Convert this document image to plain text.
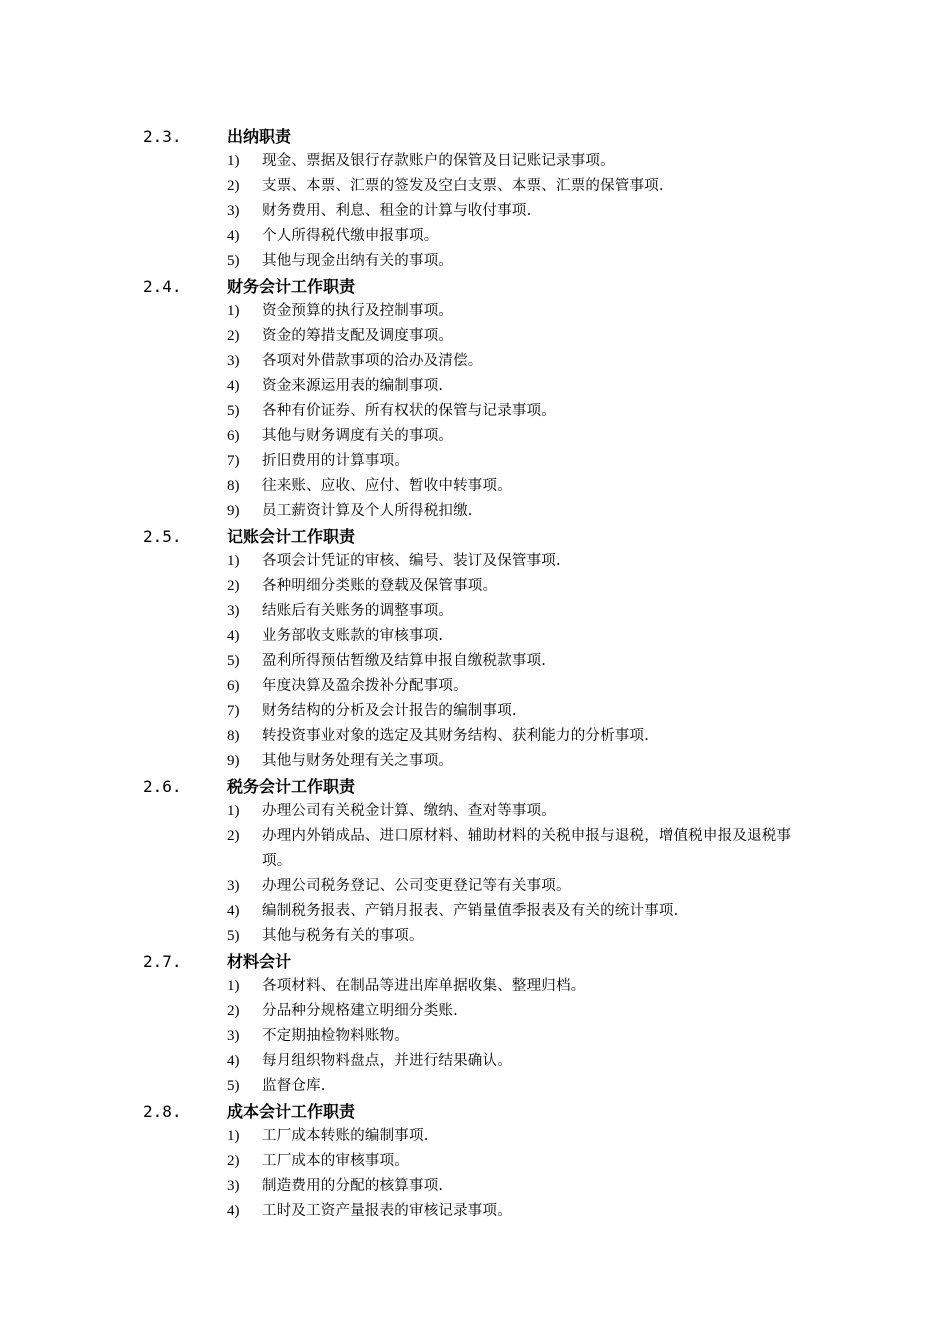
2.3.	出纳职责
1) 现金、票据及银行存款账户的保管及日记账记录事项。
2) 支票、本票、汇票的签发及空白支票、本票、汇票的保管事项.
3) 财务费用、利息、租金的计算与收付事项.
4) 个人所得税代缴申报事项。
5) 其他与现金出纳有关的事项。
2.4.	财务会计工作职责
1) 资金预算的执行及控制事项。
2) 资金的筹措支配及调度事项。
3) 各项对外借款事项的洽办及清偿。
4) 资金来源运用表的编制事项.
5) 各种有价证券、所有权状的保管与记录事项。
6) 其他与财务调度有关的事项。
7) 折旧费用的计算事项。
8) 往来账、应收、应付、暂收中转事项。
9) 员工薪资计算及个人所得税扣缴.
2.5.	记账会计工作职责
1) 各项会计凭证的审核、编号、装订及保管事项.
2) 各种明细分类账的登载及保管事项。
3) 结账后有关账务的调整事项。
4) 业务部收支账款的审核事项.
5) 盈利所得预估暂缴及结算申报自缴税款事项.
6) 年度决算及盈余拨补分配事项。
7) 财务结构的分析及会计报告的编制事项.
8) 转投资事业对象的选定及其财务结构、获利能力的分析事项.
9) 其他与财务处理有关之事项。
2.6.	税务会计工作职责
1) 办理公司有关税金计算、缴纳、查对等事项。
2) 办理内外销成品、进口原材料、辅助材料的关税申报与退税，增值税申报及退税事项。
3) 办理公司税务登记、公司变更登记等有关事项。
4) 编制税务报表、产销月报表、产销量值季报表及有关的统计事项.
5) 其他与税务有关的事项。
2.7.	材料会计
1) 各项材料、在制品等进出库单据收集、整理归档。
2) 分品种分规格建立明细分类账.
3) 不定期抽检物料账物。
4) 每月组织物料盘点，并进行结果确认。
5) 监督仓库.
2.8.	成本会计工作职责
1) 工厂成本转账的编制事项.
2) 工厂成本的审核事项。
3) 制造费用的分配的核算事项.
4) 工时及工资产量报表的审核记录事项。
